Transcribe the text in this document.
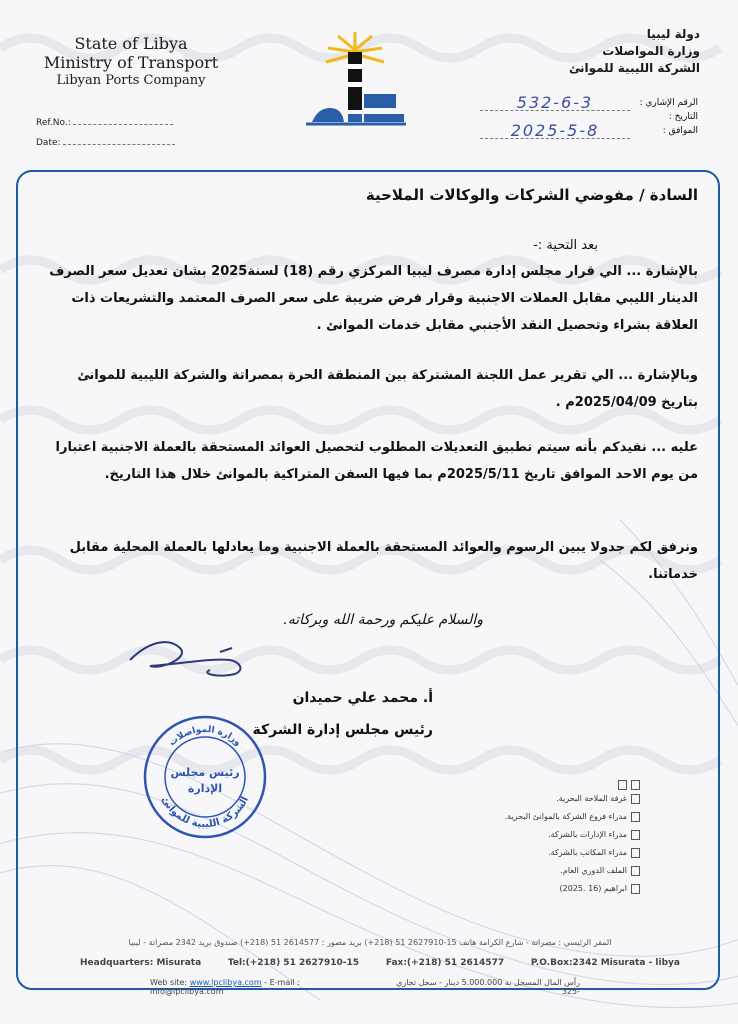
State of Libya
Ministry of Transport
Libyan Ports Company
Ref.No.:
Date:
دولة ليبيا
وزارة المواصلات
الشركة الليبية للموانئ
الرقم الإشاري :
532-6-3
التاريخ :
الموافق :
2025-5-8
السادة / مفوضي الشركات والوكالات الملاحية
بعد التحية :-
بالإشارة ... الي قرار مجلس إدارة مصرف ليبيا المركزي رقم (18) لسنة2025 بشان تعديل سعر الصرف الدينار الليبي مقابل العملات الاجنبية وقرار فرض ضريبة على سعر الصرف المعتمد والتشريعات ذات العلاقة بشراء وتحصيل النقد الأجنبي مقابل خدمات الموانئ .
وبالإشارة ... الي تقرير عمل اللجنة المشتركة بين المنطقة الحرة بمصراتة والشركة الليبية للموانئ بتاريخ 2025/04/09م .
عليه ... نفيدكم بأنه سيتم تطبيق التعديلات المطلوب لتحصيل العوائد المستحقة بالعملة الاجنبية اعتبارا من يوم الاحد الموافق تاريخ 2025/5/11م بما فيها السفن المتراكية بالموانئ خلال هذا التاريخ.
ونرفق لكم جدولا يبين الرسوم والعوائد المستحقة بالعملة الاجنبية وما يعادلها بالعملة المحلية مقابل خدماتنا.
والسلام عليكم ورحمة الله وبركاته.
أ. محمد علي حميدان
رئيس مجلس إدارة الشركة
وزارة المواصلات
الشركة الليبية للموانئ
رئيس مجلس
الإدارة
غرفة الملاحة البحرية.
مدراء فروع الشركة بالموانئ البحرية.
مدراء الإدارات بالشركة.
مدراء المكاتب بالشركة.
الملف الدوري العام.
ابراهيم (16 .2025)
المقر الرئيسي : مصراتة - شارع الكرامة هاتف 15-2627910 51 (218+) بريد مصور : 2614577 51 (218+) صندوق بريد 2342 مصراتة - ليبيا
Headquarters: Misurata	Tel:(+218) 51 2627910-15	Fax:(+218) 51 2614577	P.O.Box:2342 Misurata - libya
Web site: www.lpclibya.com - E-mail : info@lpclibya.com
رأس المال المسجل به 5.000.000 دينار - سجل تجاري -325
